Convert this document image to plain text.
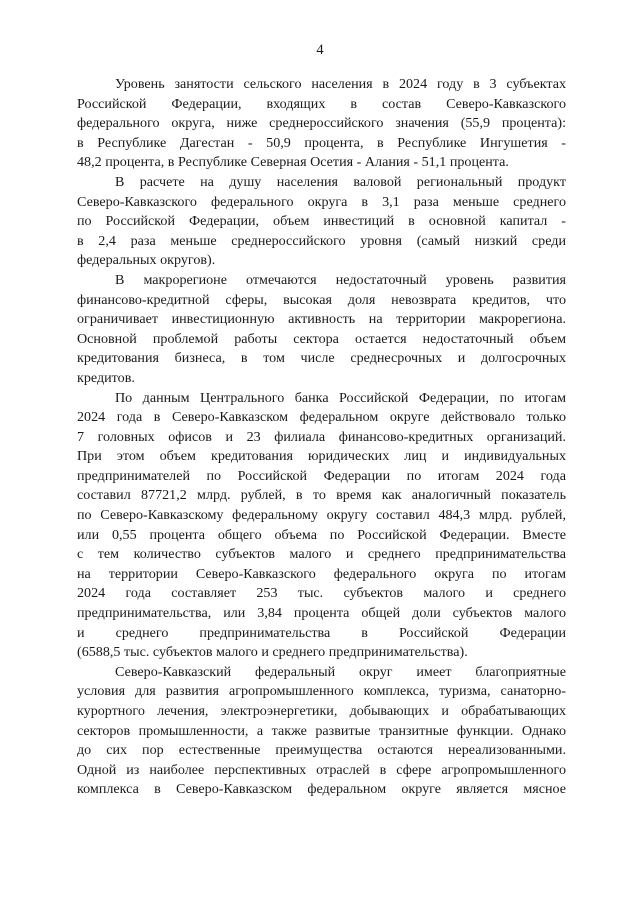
4
Уровень занятости сельского населения в 2024 году в 3 субъектах
Российской Федерации, входящих в состав Северо-Кавказского
федерального округа, ниже среднероссийского значения (55,9 процента):
в Республике Дагестан - 50,9 процента, в Республике Ингушетия -
48,2 процента, в Республике Северная Осетия - Алания - 51,1 процента.
В расчете на душу населения валовой региональный продукт
Северо-Кавказского федерального округа в 3,1 раза меньше среднего
по Российской Федерации, объем инвестиций в основной капитал -
в 2,4 раза меньше среднероссийского уровня (самый низкий среди
федеральных округов).
В макрорегионе отмечаются недостаточный уровень развития
финансово-кредитной сферы, высокая доля невозврата кредитов, что
ограничивает инвестиционную активность на территории макрорегиона.
Основной проблемой работы сектора остается недостаточный объем
кредитования бизнеса, в том числе среднесрочных и долгосрочных
кредитов.
По данным Центрального банка Российской Федерации, по итогам
2024 года в Северо-Кавказском федеральном округе действовало только
7 головных офисов и 23 филиала финансово-кредитных организаций.
При этом объем кредитования юридических лиц и индивидуальных
предпринимателей по Российской Федерации по итогам 2024 года
составил 87721,2 млрд. рублей, в то время как аналогичный показатель
по Северо-Кавказскому федеральному округу составил 484,3 млрд. рублей,
или 0,55 процента общего объема по Российской Федерации. Вместе
с тем количество субъектов малого и среднего предпринимательства
на территории Северо-Кавказского федерального округа по итогам
2024 года составляет 253 тыс. субъектов малого и среднего
предпринимательства, или 3,84 процента общей доли субъектов малого
и среднего предпринимательства в Российской Федерации
(6588,5 тыс. субъектов малого и среднего предпринимательства).
Северо-Кавказский федеральный округ имеет благоприятные
условия для развития агропромышленного комплекса, туризма, санаторно-
курортного лечения, электроэнергетики, добывающих и обрабатывающих
секторов промышленности, а также развитые транзитные функции. Однако
до сих пор естественные преимущества остаются нереализованными.
Одной из наиболее перспективных отраслей в сфере агропромышленного
комплекса в Северо-Кавказском федеральном округе является мясное
